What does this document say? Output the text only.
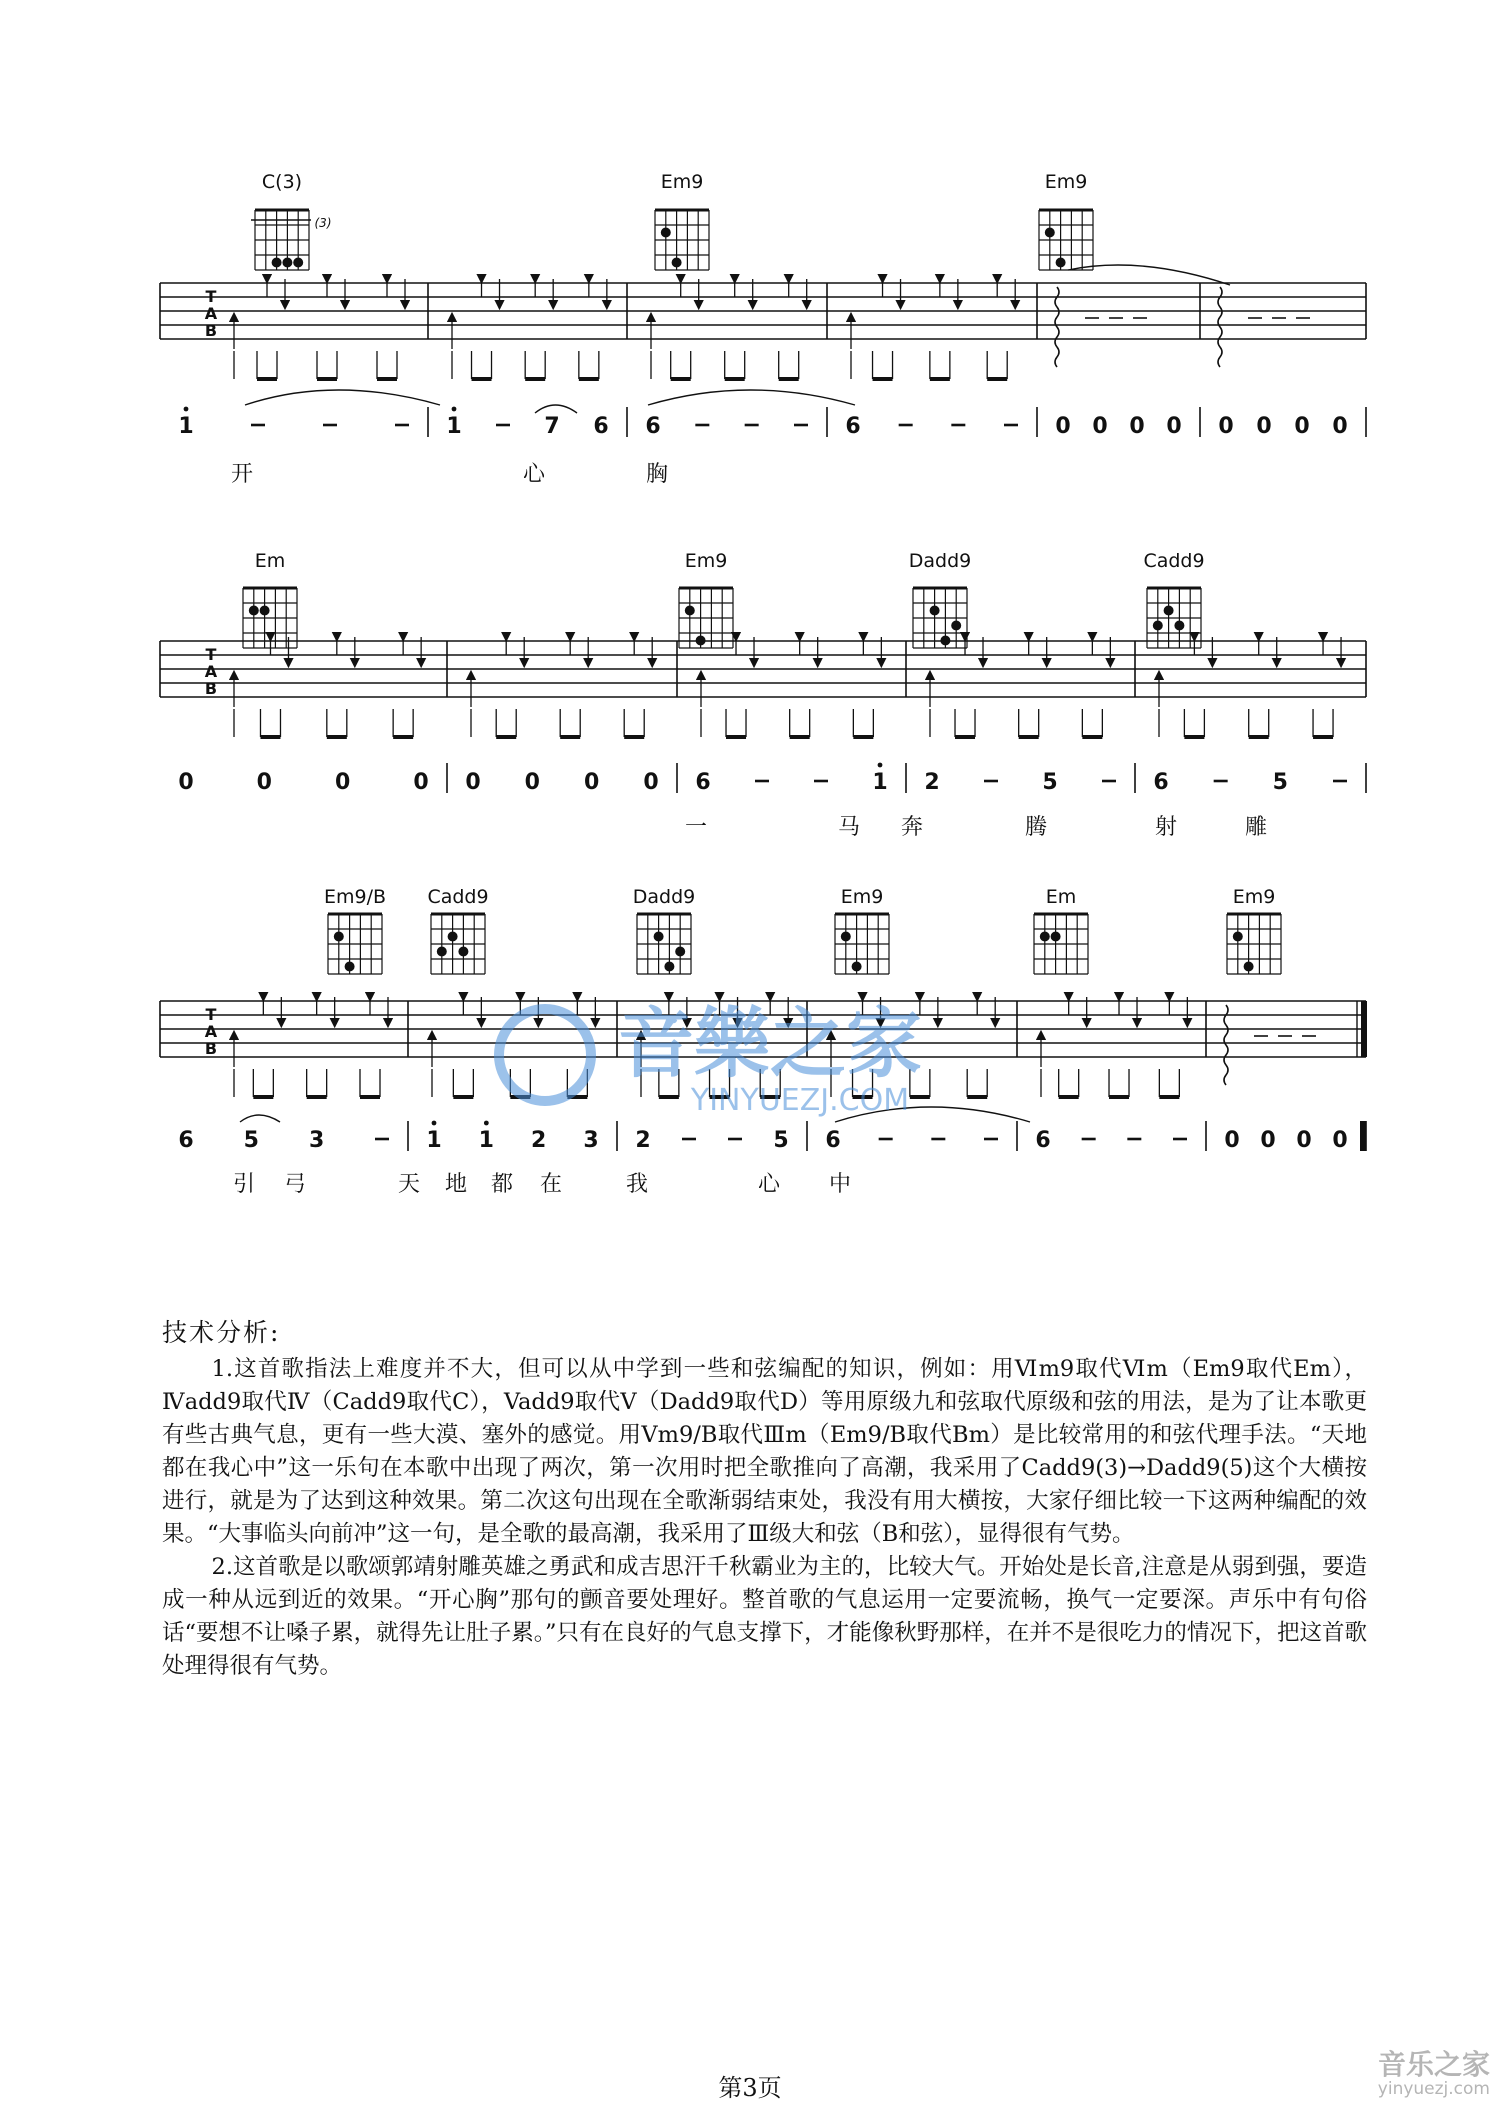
T
A
B
C(3)
(3)
Em9	Em9
1	1	7 6 6	6	0 0 0 0 0 0 0 0
开	心	胸
T
A
B
Em	Em9	Dadd9	Cadd9
0	0	0	0 0 0 0 0 6	1 2	5	6	5
一	马 奔	腾	射	雕
T
A
B
Em9/B Cadd9	Dadd9	Em9	Em	Em9
6 5 3	1 1 2 3 2	5 6	6	0 0 0 0
引 弓	天 地 都 在	我	心 中
音樂之家
YINYUEZJ.COM
技术分析:

1.这首歌指法上难度并不大，但可以从中学到一些和弦编配的知识，例如：用Ⅵm9取代Ⅵm（Em9取代Em），Ⅳadd9取代Ⅳ（Cadd9取代C），Vadd9取代V（Dadd9取代D）等用原级九和弦取代原级和弦的用法，是为了让本歌更有些古典气息，更有一些大漠、塞外的感觉。用Vm9/B取代Ⅲm（Em9/B取代Bm）是比较常用的和弦代理手法。“天地都在我心中”这一乐句在本歌中出现了两次，第一次用时把全歌推向了高潮，我采用了Cadd9(3)→Dadd9(5)这个大横按进行，就是为了达到这种效果。第二次这句出现在全歌渐弱结束处，我没有用大横按，大家仔细比较一下这两种编配的效果。“大事临头向前冲”这一句，是全歌的最高潮，我采用了Ⅲ级大和弦（B和弦），显得很有气势。

2.这首歌是以歌颂郭靖射雕英雄之勇武和成吉思汗千秋霸业为主的，比较大气。开始处是长音,注意是从弱到强，要造成一种从远到近的效果。“开心胸”那句的颤音要处理好。整首歌的气息运用一定要流畅，换气一定要深。声乐中有句俗话“要想不让嗓子累，就得先让肚子累。”只有在良好的气息支撑下，才能像秋野那样，在并不是很吃力的情况下，把这首歌处理得很有气势。

第3页
音乐之家
yinyuezj.com
